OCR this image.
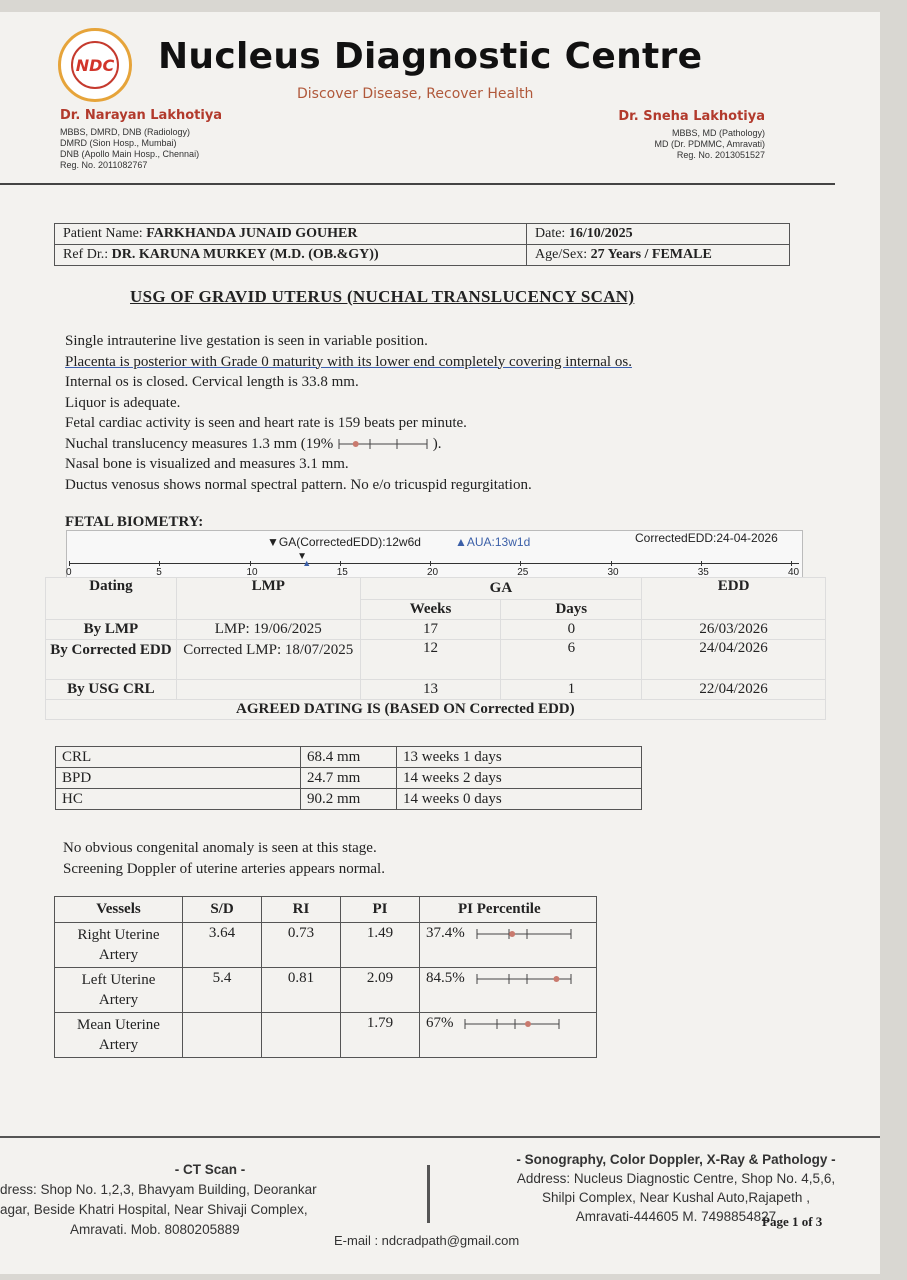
NDC Nucleus Diagnostic Centre
Discover Disease, Recover Health
Dr. Narayan Lakhotiya
MBBS, DMRD, DNB (Radiology)
DMRD (Sion Hosp., Mumbai)
DNB (Apollo Main Hosp., Chennai)
Reg. No. 2011082767
Dr. Sneha Lakhotiya
MBBS, MD (Pathology)
MD (Dr. PDMMC, Amravati)
Reg. No. 2013051527
Patient Name: FARKHANDA JUNAID GOUHER	Date: 16/10/2025
Ref Dr.: DR. KARUNA MURKEY (M.D. (OB.&GY))	Age/Sex: 27 Years / FEMALE
USG OF GRAVID UTERUS (NUCHAL TRANSLUCENCY SCAN)

Single intrauterine live gestation is seen in variable position.

Placenta is posterior with Grade 0 maturity with its lower end completely covering internal os.

Internal os is closed. Cervical length is 33.8 mm.

Liquor is adequate.

Fetal cardiac activity is seen and heart rate is 159 beats per minute.

Nuchal translucency measures 1.3 mm (19%	).

Nasal bone is visualized and measures 3.1 mm.

Ductus venosus shows normal spectral pattern. No e/o tricuspid regurgitation.

FETAL BIOMETRY:
▼GA(CorrectedEDD):12w6d	▲AUA:13w1d	CorrectedEDD:24-04-2026
0	5	10	15	20	25	30	35	40
▼
▲
Dating	LMP	GA		EDD
		Weeks	Days	
By LMP	LMP: 19/06/2025	17	0	26/03/2026
By Corrected EDD	Corrected LMP: 18/07/2025	12	6	24/04/2026
By USG CRL		13	1	22/04/2026
AGREED DATING IS (BASED ON Corrected EDD)				
CRL	68.4 mm	13 weeks 1 days
BPD	24.7 mm	14 weeks 2 days
HC	90.2 mm	14 weeks 0 days

No obvious congenital anomaly is seen at this stage.

Screening Doppler of uterine arteries appears normal.

Vessels	S/D	RI	PI	PI Percentile
Right Uterine Artery	3.64	0.73	1.49	37.4%
Left Uterine Artery	5.4	0.81	2.09	84.5%
Mean Uterine Artery			1.79	67%
- CT Scan -
dress: Shop No. 1,2,3, Bhavyam Building, Deorankar
agar, Beside Khatri Hospital, Near Shivaji Complex,
Amravati. Mob. 8080205889
- Sonography, Color Doppler, X-Ray & Pathology -
Address: Nucleus Diagnostic Centre, Shop No. 4,5,6,
Shilpi Complex, Near Kushal Auto,Rajapeth ,
Amravati-444605 M. 7498854827
Page 1 of 3
E-mail : ndcradpath@gmail.com
